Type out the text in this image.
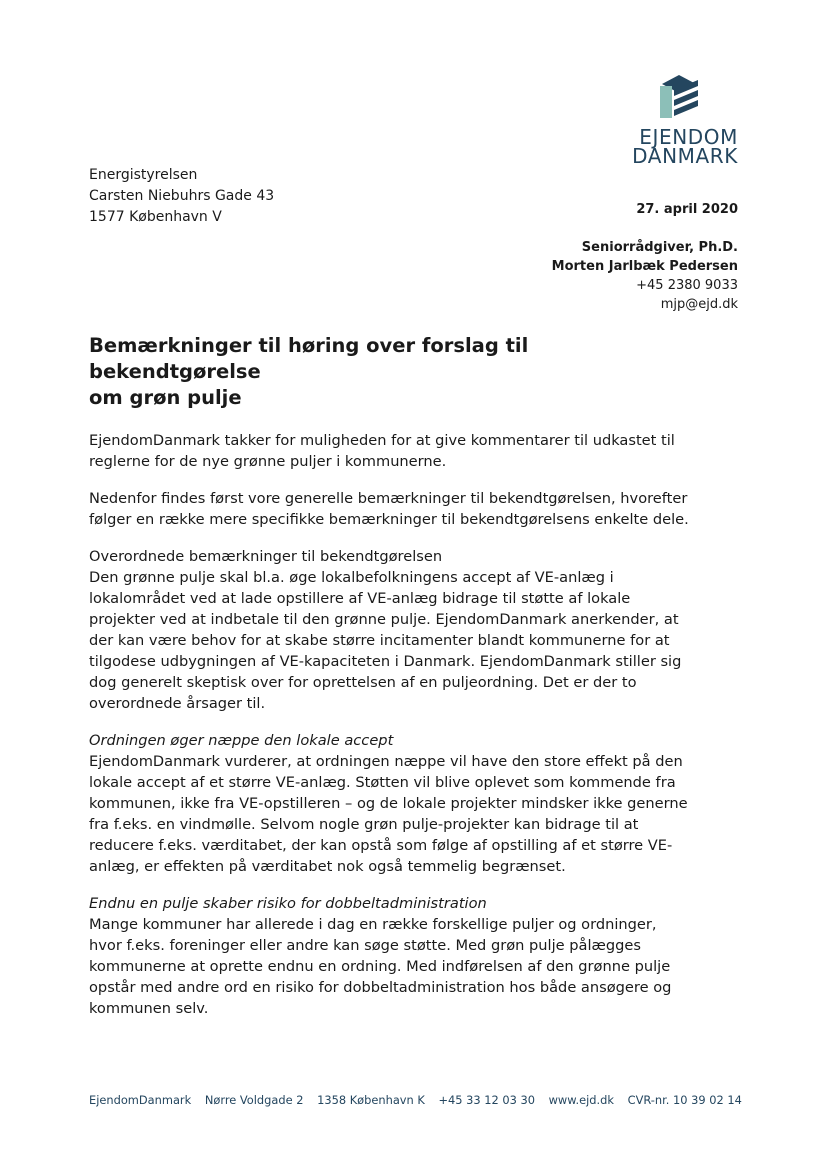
EJENDOM
DANMARK
Energistyrelsen
Carsten Niebuhrs Gade 43
1577 København V	27. april 2020
Seniorrådgiver, Ph.D.
Morten Jarlbæk Pedersen
+45 2380 9033
mjp@ejd.dk
Bemærkninger til høring over forslag til bekendtgørelse
om grøn pulje

EjendomDanmark takker for muligheden for at give kommentarer til udkastet til reglerne for de nye grønne puljer i kommunerne.

Nedenfor findes først vore generelle bemærkninger til bekendtgørelsen, hvorefter følger en række mere specifikke bemærkninger til bekendtgørelsens enkelte dele.

Overordnede bemærkninger til bekendtgørelsen

Den grønne pulje skal bl.a. øge lokalbefolkningens accept af VE-anlæg i lokalområdet ved at lade opstillere af VE-anlæg bidrage til støtte af lokale projekter ved at indbetale til den grønne pulje. EjendomDanmark anerkender, at der kan være behov for at skabe større incitamenter blandt kommunerne for at tilgodese udbygningen af VE-kapaciteten i Danmark. EjendomDanmark stiller sig dog generelt skeptisk over for oprettelsen af en puljeordning. Det er der to overordnede årsager til.

Ordningen øger næppe den lokale accept

EjendomDanmark vurderer, at ordningen næppe vil have den store effekt på den lokale accept af et større VE-anlæg. Støtten vil blive oplevet som kommende fra kommunen, ikke fra VE-opstilleren – og de lokale projekter mindsker ikke generne fra f.eks. en vindmølle. Selvom nogle grøn pulje-projekter kan bidrage til at reducere f.eks. værditabet, der kan opstå som følge af opstilling af et større VE-anlæg, er effekten på værditabet nok også temmelig begrænset.

Endnu en pulje skaber risiko for dobbeltadministration

Mange kommuner har allerede i dag en række forskellige puljer og ordninger, hvor f.eks. foreninger eller andre kan søge støtte. Med grøn pulje pålægges kommunerne at oprette endnu en ordning. Med indførelsen af den grønne pulje opstår med andre ord en risiko for dobbeltadministration hos både ansøgere og kommunen selv.

EjendomDanmark Nørre Voldgade 2 1358 København K +45 33 12 03 30 www.ejd.dk CVR-nr. 10 39 02 14
